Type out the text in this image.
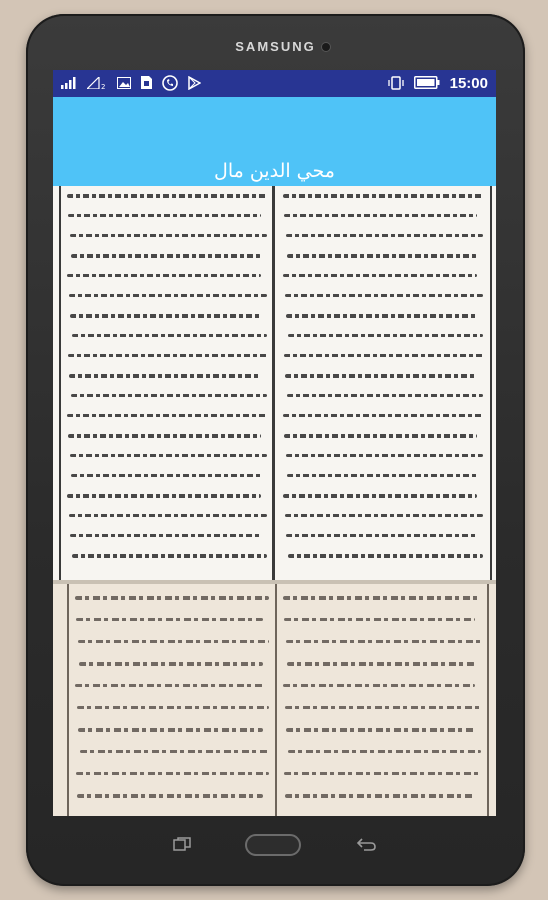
SAMSUNG
2	15:00
محي الدين مال
